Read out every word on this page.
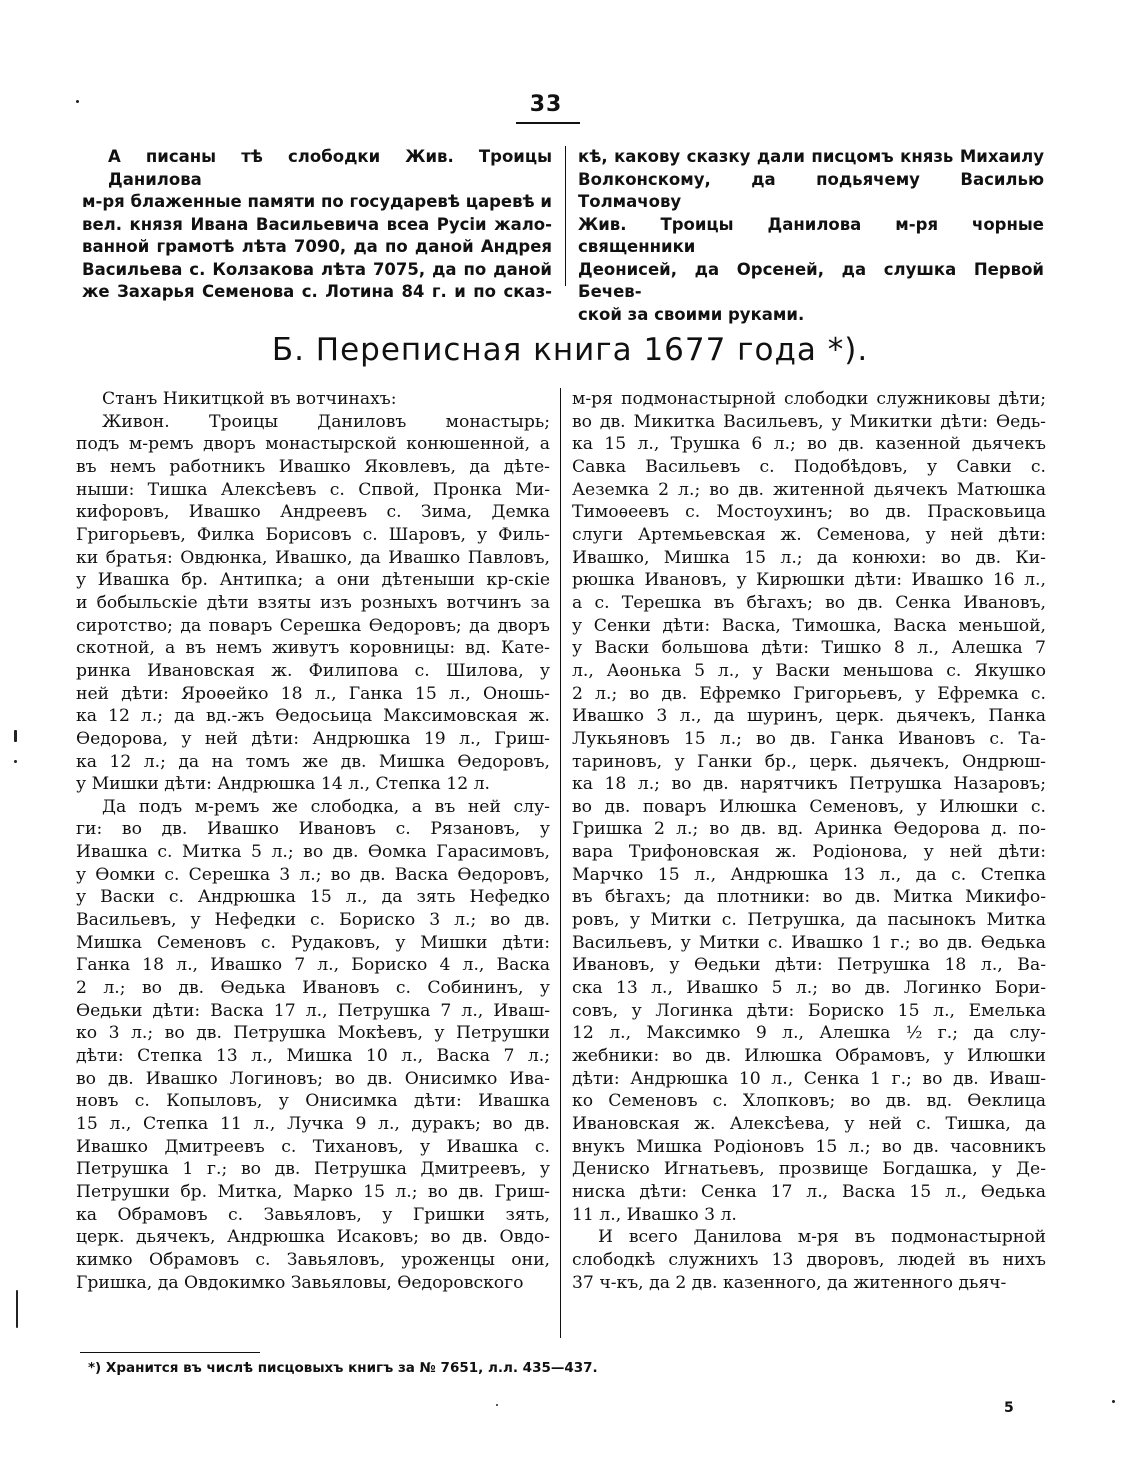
33
А писаны тѣ слободки Жив. Троицы Данилова
м-ря блаженные памяти по государевѣ царевѣ и
вел. князя Ивана Васильевича всеа Русіи жало-
ванной грамотѣ лѣта 7090, да по даной Андрея
Васильева с. Колзакова лѣта 7075, да по даной
же Захарья Семенова с. Лотина 84 г. и по сказ-
кѣ, какову сказку дали писцомъ князь Михаилу
Волконскому, да подьячему Василью Толмачову
Жив. Троицы Данилова м-ря чорные священники
Деонисей, да Орсеней, да слушка Первой Бечев-
ской за своими руками.
Б. Переписная книга 1677 года *).
Станъ Никитцкой въ вотчинахъ:
Живон. Троицы Даниловъ монастырь;
подъ м-ремъ дворъ монастырской конюшенной, а
въ немъ работникъ Ивашко Яковлевъ, да дѣте-
ныши: Тишка Алексѣевъ с. Спвой, Пронка Ми-
кифоровъ, Ивашко Андреевъ с. Зима, Демка
Григорьевъ, Филка Борисовъ с. Шаровъ, у Филь-
ки братья: Овдюнка, Ивашко, да Ивашко Павловъ,
у Ивашка бр. Антипка; а они дѣтеныши кр-скіе
и бобыльскіе дѣти взяты изъ розныхъ вотчинъ за
сиротство; да поваръ Серешка Ѳедоровъ; да дворъ
скотной, а въ немъ живутъ коровницы: вд. Кате-
ринка Ивановская ж. Филипова с. Шилова, у
ней дѣти: Яроѳейко 18 л., Ганка 15 л., Оношь-
ка 12 л.; да вд.-жъ Ѳедосьица Максимовская ж.
Ѳедорова, у ней дѣти: Андрюшка 19 л., Гриш-
ка 12 л.; да на томъ же дв. Мишка Ѳедоровъ,
у Мишки дѣти: Андрюшка 14 л., Степка 12 л.
Да подъ м-ремъ же слободка, а въ ней слу-
ги: во дв. Ивашко Ивановъ с. Рязановъ, у
Ивашка с. Митка 5 л.; во дв. Ѳомка Гарасимовъ,
у Ѳомки с. Серешка 3 л.; во дв. Васка Ѳедоровъ,
у Васки с. Андрюшка 15 л., да зять Нефедко
Васильевъ, у Нефедки с. Бориско 3 л.; во дв.
Мишка Семеновъ с. Рудаковъ, у Мишки дѣти:
Ганка 18 л., Ивашко 7 л., Бориско 4 л., Васка
2 л.; во дв. Ѳедька Ивановъ с. Собининъ, у
Ѳедьки дѣти: Васка 17 л., Петрушка 7 л., Иваш-
ко 3 л.; во дв. Петрушка Мокѣевъ, у Петрушки
дѣти: Степка 13 л., Мишка 10 л., Васка 7 л.;
во дв. Ивашко Логиновъ; во дв. Онисимко Ива-
новъ с. Копыловъ, у Онисимка дѣти: Ивашка
15 л., Степка 11 л., Лучка 9 л., дуракъ; во дв.
Ивашко Дмитреевъ с. Тихановъ, у Ивашка с.
Петрушка 1 г.; во дв. Петрушка Дмитреевъ, у
Петрушки бр. Митка, Марко 15 л.; во дв. Гриш-
ка Обрамовъ с. Завьяловъ, у Гришки зять,
церк. дьячекъ, Андрюшка Исаковъ; во дв. Овдо-
кимко Обрамовъ с. Завьяловъ, уроженцы они,
Гришка, да Овдокимко Завьяловы, Ѳедоровского
м-ря подмонастырной слободки служниковы дѣти;
во дв. Микитка Васильевъ, у Микитки дѣти: Ѳедь-
ка 15 л., Трушка 6 л.; во дв. казенной дьячекъ
Савка Васильевъ с. Подобѣдовъ, у Савки с.
Аеземка 2 л.; во дв. житенной дьячекъ Матюшка
Тимоѳеевъ с. Мостоухинъ; во дв. Прасковьица
слуги Артемьевская ж. Семенова, у ней дѣти:
Ивашко, Мишка 15 л.; да конюхи: во дв. Ки-
рюшка Ивановъ, у Кирюшки дѣти: Ивашко 16 л.,
а с. Терешка въ бѣгахъ; во дв. Сенка Ивановъ,
у Сенки дѣти: Васка, Тимошка, Васка меньшой,
у Васки большова дѣти: Тишко 8 л., Алешка 7
л., Аѳонька 5 л., у Васки меньшова с. Якушко
2 л.; во дв. Ефремко Григорьевъ, у Ефремка с.
Ивашко 3 л., да шуринъ, церк. дьячекъ, Панка
Лукьяновъ 15 л.; во дв. Ганка Ивановъ с. Та-
тариновъ, у Ганки бр., церк. дьячекъ, Ондрюш-
ка 18 л.; во дв. нарятчикъ Петрушка Назаровъ;
во дв. поваръ Илюшка Семеновъ, у Илюшки с.
Гришка 2 л.; во дв. вд. Аринка Ѳедорова д. по-
вара Трифоновская ж. Родіонова, у ней дѣти:
Марчко 15 л., Андрюшка 13 л., да с. Степка
въ бѣгахъ; да плотники: во дв. Митка Микифо-
ровъ, у Митки с. Петрушка, да пасынокъ Митка
Васильевъ, у Митки с. Ивашко 1 г.; во дв. Ѳедька
Ивановъ, у Ѳедьки дѣти: Петрушка 18 л., Ва-
ска 13 л., Ивашко 5 л.; во дв. Логинко Бори-
совъ, у Логинка дѣти: Бориско 15 л., Емелька
12 л., Максимко 9 л., Алешка ½ г.; да слу-
жебники: во дв. Илюшка Обрамовъ, у Илюшки
дѣти: Андрюшка 10 л., Сенка 1 г.; во дв. Иваш-
ко Семеновъ с. Хлопковъ; во дв. вд. Ѳеклица
Ивановская ж. Алексѣева, у ней с. Тишка, да
внукъ Мишка Родіоновъ 15 л.; во дв. часовникъ
Дениско Игнатьевъ, прозвище Богдашка, у Де-
ниска дѣти: Сенка 17 л., Васка 15 л., Ѳедька
11 л., Ивашко 3 л.
И всего Данилова м-ря въ подмонастырной
слободкѣ служнихъ 13 дворовъ, людей въ нихъ
37 ч-къ, да 2 дв. казенного, да житенного дьяч-
*) Хранится въ числѣ писцовыхъ книгъ за № 7651, л.л. 435—437.
5
